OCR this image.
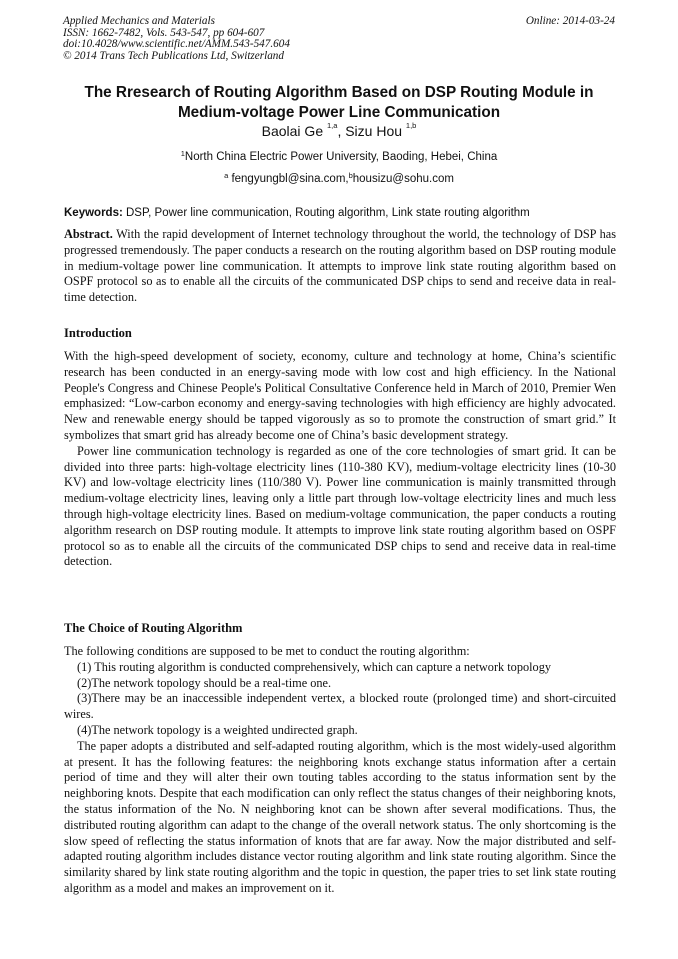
Applied Mechanics and Materials
ISSN: 1662-7482, Vols. 543-547, pp 604-607
doi:10.4028/www.scientific.net/AMM.543-547.604
© 2014 Trans Tech Publications Ltd, Switzerland
Online: 2014-03-24
The Rresearch of Routing Algorithm Based on DSP Routing Module in
Medium-voltage Power Line Communication
Baolai Ge $^{1,a}$, Sizu Hou $^{1,b}$
$^1$North China Electric Power University, Baoding, Hebei, China
$^a$ fengyungbl@sina.com,$^b$housizu@sohu.com
Keywords: DSP, Power line communication, Routing algorithm, Link state routing algorithm

Abstract. With the rapid development of Internet technology throughout the world, the technology of DSP has progressed tremendously. The paper conducts a research on the routing algorithm based on DSP routing module in medium-voltage power line communication. It attempts to improve link state routing algorithm based on OSPF protocol so as to enable all the circuits of the communicated DSP chips to send and receive data in real-time detection.

Introduction

With the high-speed development of society, economy, culture and technology at home, China’s scientific research has been conducted in an energy-saving mode with low cost and high efficiency. In the National People's Congress and Chinese People's Political Consultative Conference held in March of 2010, Premier Wen emphasized: “Low-carbon economy and energy-saving technologies with high efficiency are highly advocated. New and renewable energy should be tapped vigorously as so to promote the construction of smart grid.” It symbolizes that smart grid has already become one of China’s basic development strategy.

Power line communication technology is regarded as one of the core technologies of smart grid. It can be divided into three parts: high-voltage electricity lines (110-380 KV), medium-voltage electricity lines (10-30 KV) and low-voltage electricity lines (110/380 V). Power line communication is mainly transmitted through medium-voltage electricity lines, leaving only a little part through low-voltage electricity lines and much less through high-voltage electricity lines. Based on medium-voltage communication, the paper conducts a routing algorithm research on DSP routing module. It attempts to improve link state routing algorithm based on OSPF protocol so as to enable all the circuits of the communicated DSP chips to send and receive data in real-time detection.

The Choice of Routing Algorithm

The following conditions are supposed to be met to conduct the routing algorithm:

(1) This routing algorithm is conducted comprehensively, which can capture a network topology

(2)The network topology should be a real-time one.

(3)There may be an inaccessible independent vertex, a blocked route (prolonged time) and short-circuited wires.

(4)The network topology is a weighted undirected graph.

The paper adopts a distributed and self-adapted routing algorithm, which is the most widely-used algorithm at present. It has the following features: the neighboring knots exchange status information after a certain period of time and they will alter their own touting tables according to the status information sent by the neighboring knots. Despite that each modification can only reflect the status changes of their neighboring knots, the status information of the No. N neighboring knot can be shown after several modifications. Thus, the distributed routing algorithm can adapt to the change of the overall network status. The only shortcoming is the slow speed of reflecting the status information of knots that are far away. Now the major distributed and self-adapted routing algorithm includes distance vector routing algorithm and link state routing algorithm. Since the similarity shared by link state routing algorithm and the topic in question, the paper tries to set link state routing algorithm as a model and makes an improvement on it.
